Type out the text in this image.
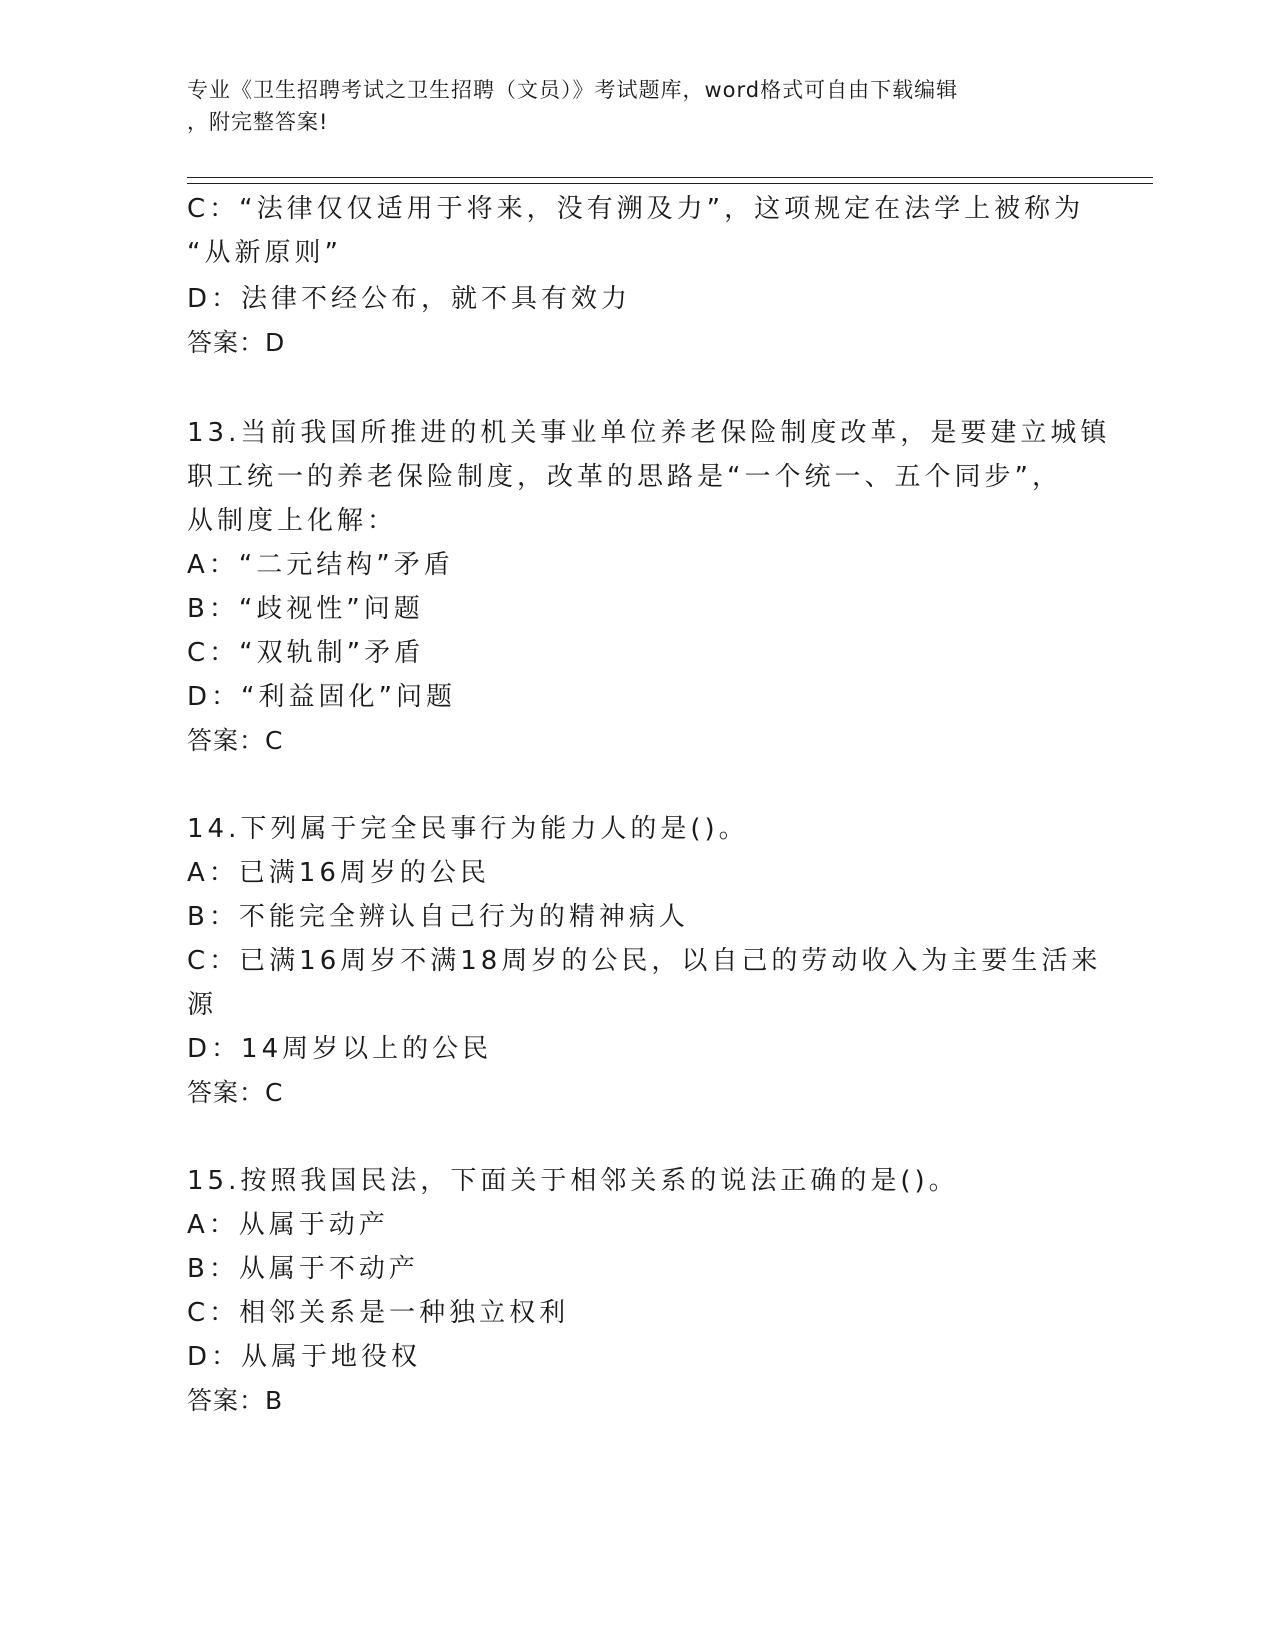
专业《卫生招聘考试之卫生招聘（文员）》考试题库，word格式可自由下载编辑
，附完整答案!
C：“法律仅仅适用于将来，没有溯及力”，这项规定在法学上被称为
“从新原则”
D：法律不经公布，就不具有效力
答案：D
13.当前我国所推进的机关事业单位养老保险制度改革，是要建立城镇
职工统一的养老保险制度，改革的思路是“一个统一、五个同步”，
从制度上化解：
A：“二元结构”矛盾
B：“歧视性”问题
C：“双轨制”矛盾
D：“利益固化”问题
答案：C
14.下列属于完全民事行为能力人的是()。
A：已满16周岁的公民
B：不能完全辨认自己行为的精神病人
C：已满16周岁不满18周岁的公民，以自己的劳动收入为主要生活来
源
D：14周岁以上的公民
答案：C
15.按照我国民法，下面关于相邻关系的说法正确的是()。
A：从属于动产
B：从属于不动产
C：相邻关系是一种独立权利
D：从属于地役权
答案：B
